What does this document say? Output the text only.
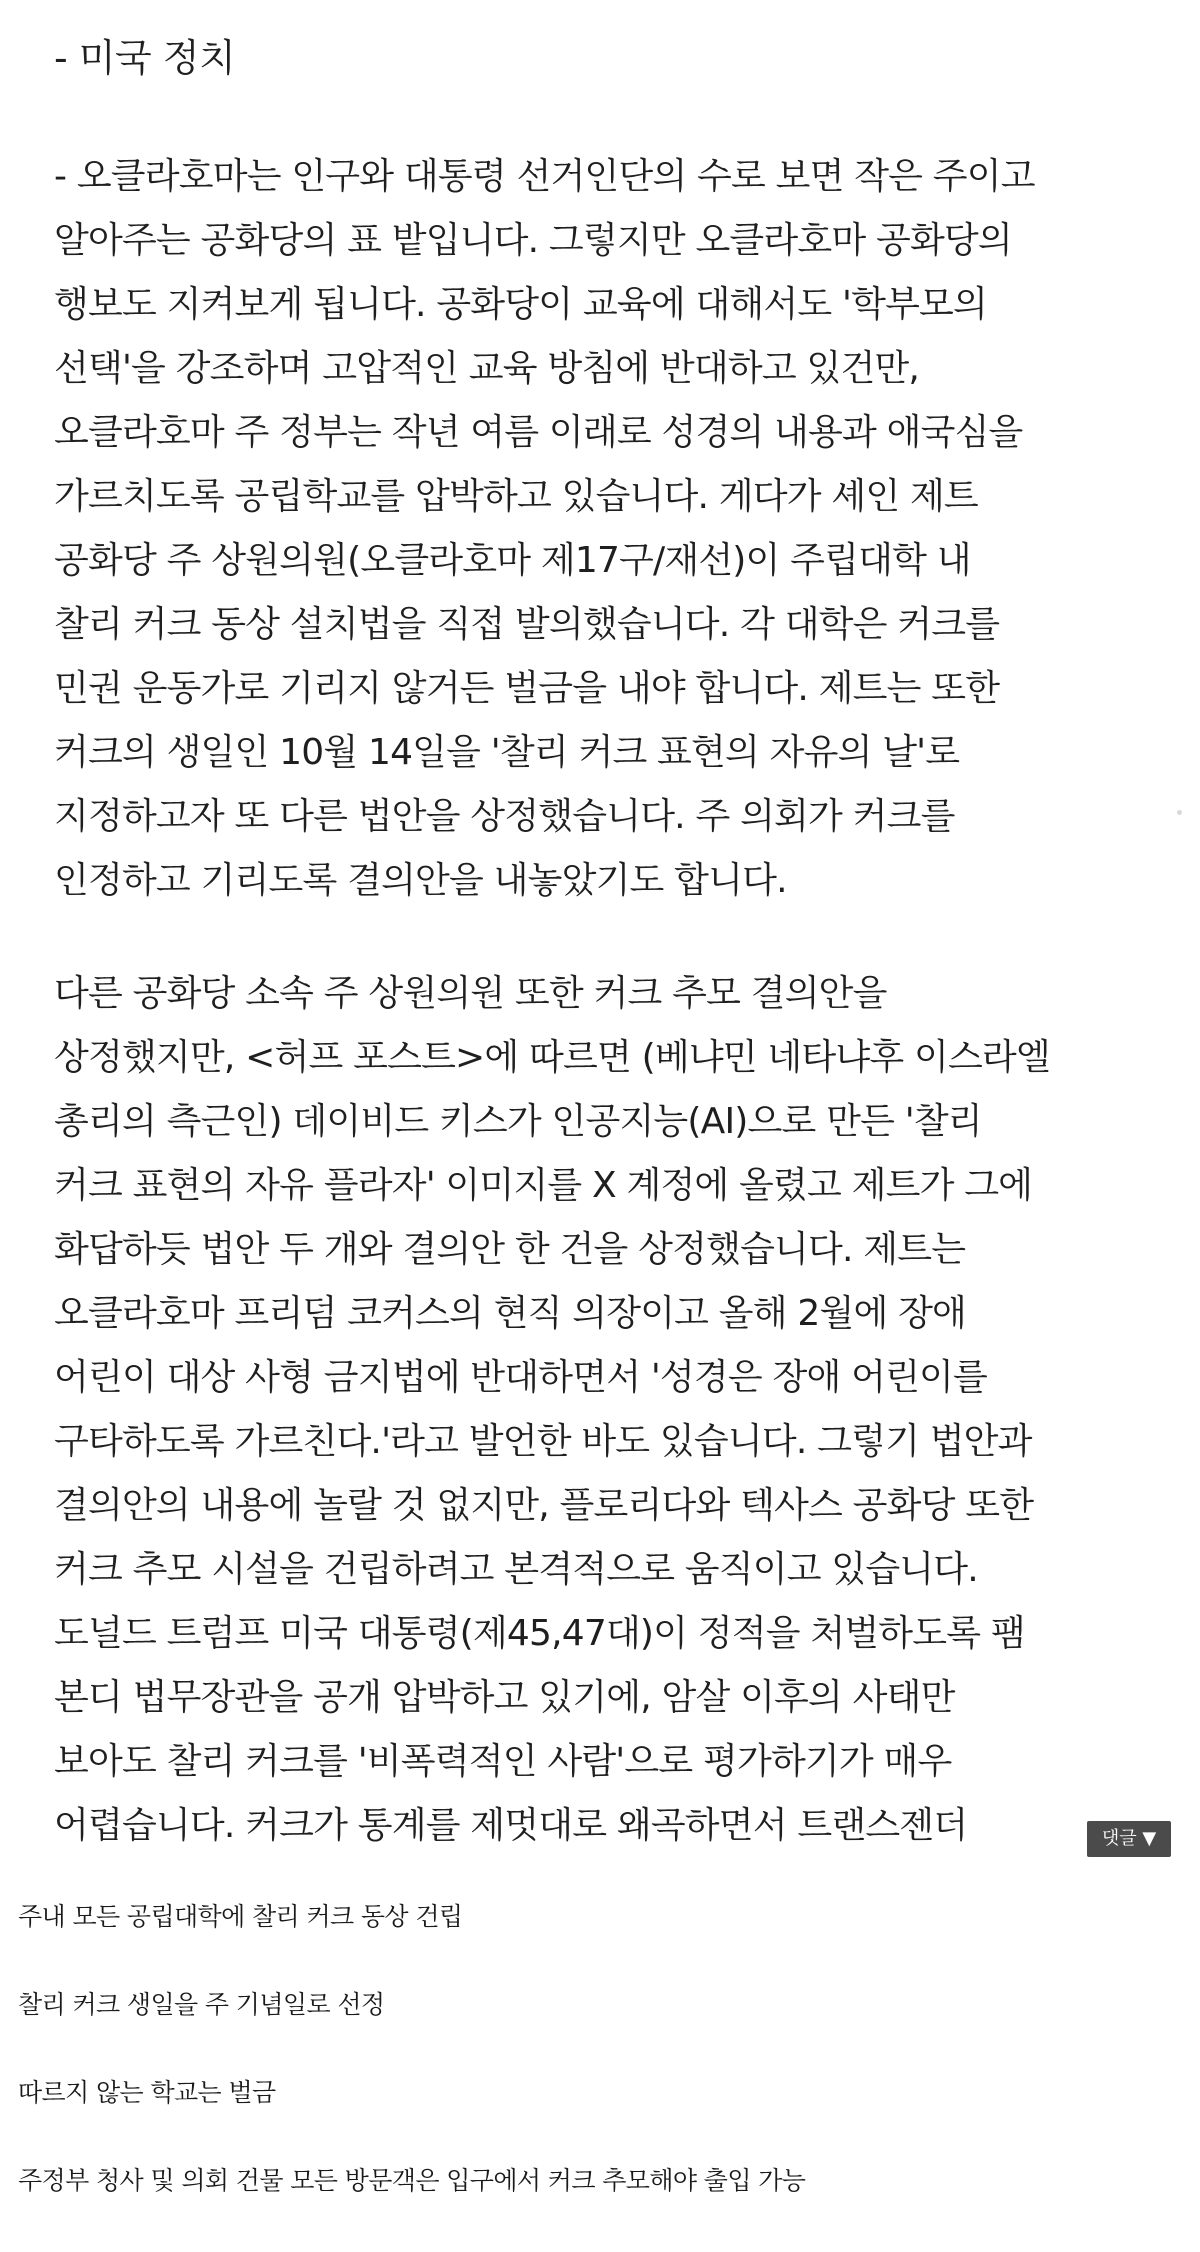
- 미국 정치

- 오클라호마는 인구와 대통령 선거인단의 수로 보면 작은 주이고
알아주는 공화당의 표 밭입니다. 그렇지만 오클라호마 공화당의
행보도 지켜보게 됩니다. 공화당이 교육에 대해서도 '학부모의
선택'을 강조하며 고압적인 교육 방침에 반대하고 있건만,
오클라호마 주 정부는 작년 여름 이래로 성경의 내용과 애국심을
가르치도록 공립학교를 압박하고 있습니다. 게다가 셰인 제트
공화당 주 상원의원(오클라호마 제17구/재선)이 주립대학 내
찰리 커크 동상 설치법을 직접 발의했습니다. 각 대학은 커크를
민권 운동가로 기리지 않거든 벌금을 내야 합니다. 제트는 또한
커크의 생일인 10월 14일을 '찰리 커크 표현의 자유의 날'로
지정하고자 또 다른 법안을 상정했습니다. 주 의회가 커크를
인정하고 기리도록 결의안을 내놓았기도 합니다.

다른 공화당 소속 주 상원의원 또한 커크 추모 결의안을
상정했지만, <허프 포스트>에 따르면 (베냐민 네타냐후 이스라엘
총리의 측근인) 데이비드 키스가 인공지능(AI)으로 만든 '찰리
커크 표현의 자유 플라자' 이미지를 X 계정에 올렸고 제트가 그에
화답하듯 법안 두 개와 결의안 한 건을 상정했습니다. 제트는
오클라호마 프리덤 코커스의 현직 의장이고 올해 2월에 장애
어린이 대상 사형 금지법에 반대하면서 '성경은 장애 어린이를
구타하도록 가르친다.'라고 발언한 바도 있습니다. 그렇기 법안과
결의안의 내용에 놀랄 것 없지만, 플로리다와 텍사스 공화당 또한
커크 추모 시설을 건립하려고 본격적으로 움직이고 있습니다.
도널드 트럼프 미국 대통령(제45,47대)이 정적을 처벌하도록 팸
본디 법무장관을 공개 압박하고 있기에, 암살 이후의 사태만
보아도 찰리 커크를 '비폭력적인 사람'으로 평가하기가 매우
어렵습니다. 커크가 통계를 제멋대로 왜곡하면서 트랜스젠더	댓글 ▼
주내 모든 공립대학에 찰리 커크 동상 건립
찰리 커크 생일을 주 기념일로 선정
따르지 않는 학교는 벌금
주정부 청사 및 의회 건물 모든 방문객은 입구에서 커크 추모해야 출입 가능
